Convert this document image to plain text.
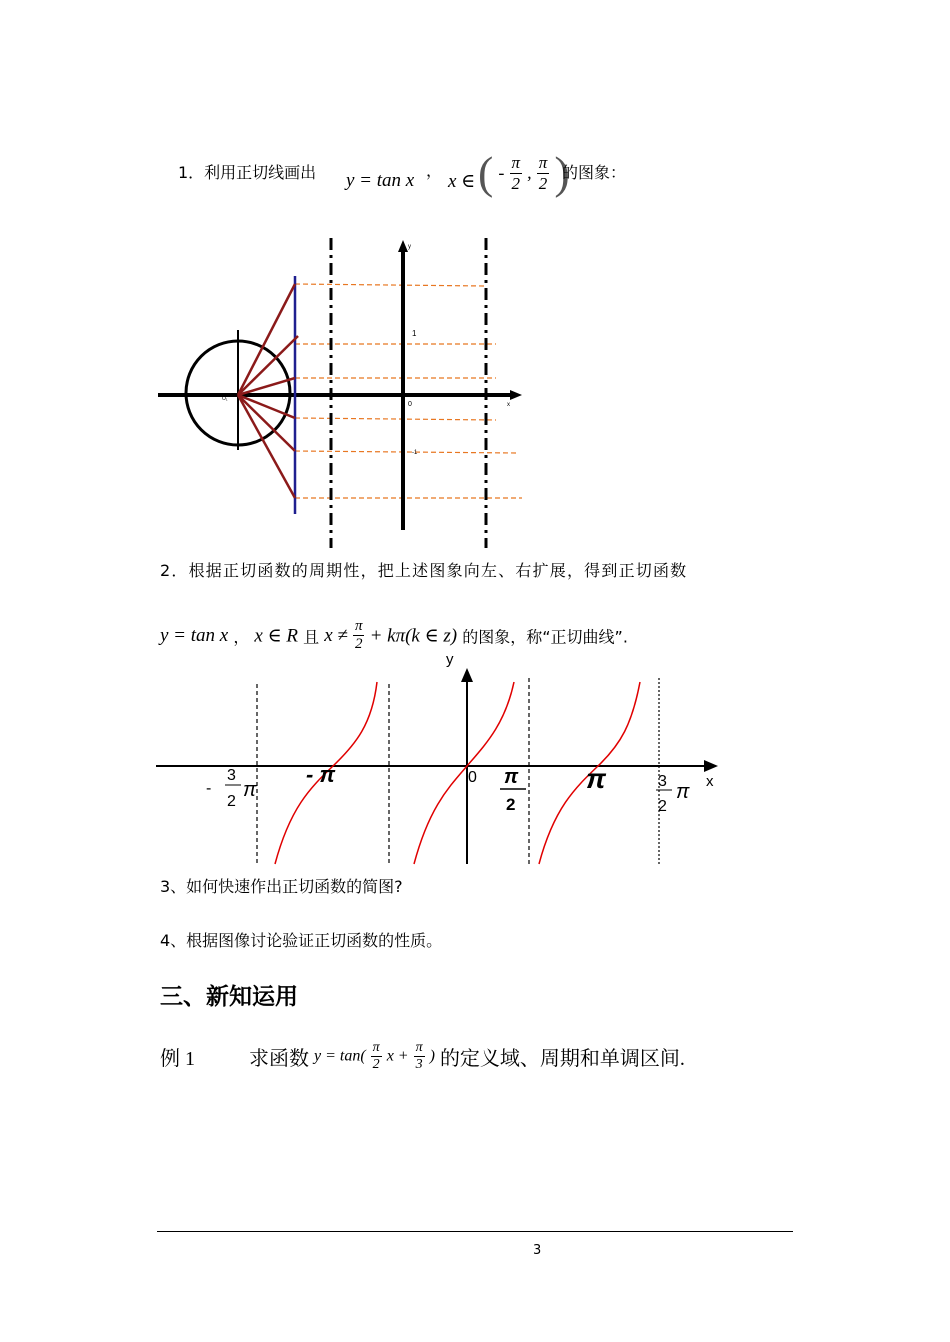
1．利用正切线画出 y = tan x ，
x ∈ ( - $\frac{\pi}{2}$ , $\frac{\pi}{2}$ )
的图象：
y
x
1
0
O₁
-1
2．根据正切函数的周期性，把上述图象向左、右扩展，得到正切函数
y = tan x ， x ∈ R 且 $x \ne \frac{\pi}{2} + k\pi(k$ ∈ z) 的图象，称“正切曲线”.
y
x
0
-
3
2
π
- π	π
2
π	3
2
π
3、如何快速作出正切函数的简图?
4、根据图像讨论验证正切函数的性质。
三、新知运用
例 1	求函数 $y = \tan( \frac{\pi}{2}$ $x + \frac{\pi}{3}$ ) 的定义域、周期和单调区间.
3
